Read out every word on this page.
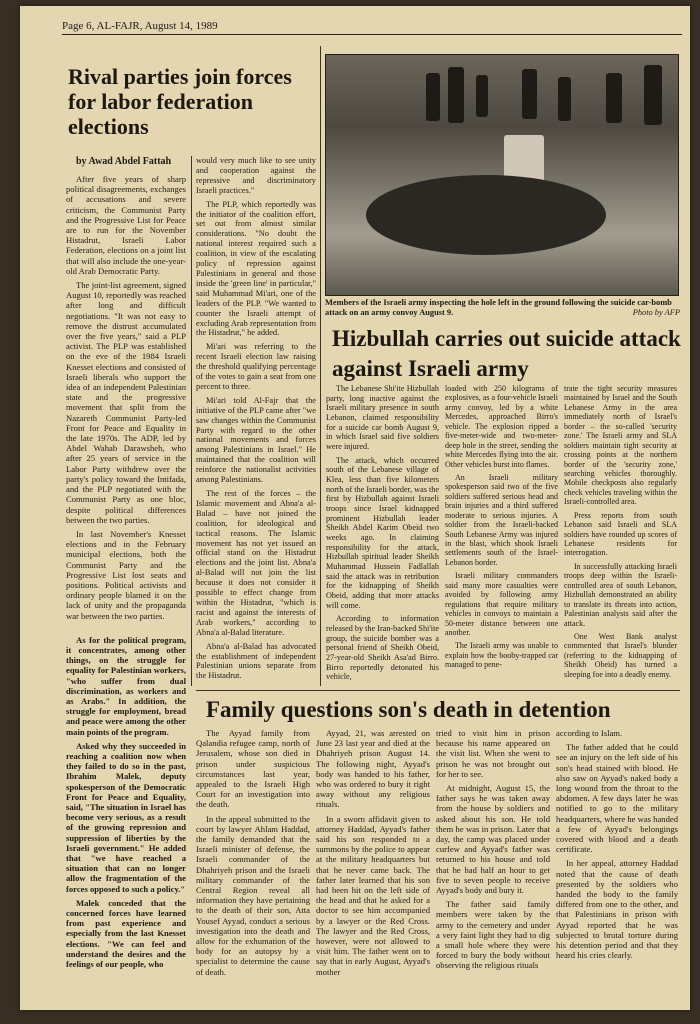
Page 6, AL-FAJR, August 14, 1989
Rival parties join forces for labor federation elections
by Awad Abdel Fattah

After five years of sharp political disagreements, exchanges of accusations and severe criticism, the Communist Party and the Progressive List for Peace are to run for the November Histadrut, Israeli Labor Federation, elections on a joint list that will also include the one-year-old Arab Democratic Party.

The joint-list agreement, signed August 10, reportedly was reached after long and difficult negotiations. "It was not easy to remove the distrust accumulated over the five years," said a PLP activist. The PLP was established on the eve of the 1984 Israeli Knesset elections and consisted of Israeli liberals who support the idea of an independent Palestinian state and the progressive movement that split from the Nazareth Communist Party-led Front for Peace and Equality in the late 1970s. The ADP, led by Abdel Wahab Darawsheh, who after 25 years of service in the Labor Party withdrew over the party's policy toward the Intifada, and the PLP negotiated with the Communist Party as one bloc, despite political differences between the two parties.

In last November's Knesset elections and in the February municipal elections, both the Communist Party and the Progressive List lost seats and positions. Political activists and ordinary people blamed it on the lack of unity and the propaganda war between the two parties.

As for the political program, it concentrates, among other things, on the struggle for equality for Palestinian workers, "who suffer from dual discrimination, as workers and as Arabs." In addition, the struggle for employment, bread and peace were among the other main points of the program.

Asked why they succeeded in reaching a coalition now when they failed to do so in the past, Ibrahim Malek, deputy spokesperson of the Democratic Front for Peace and Equality, said, "The situation in Israel has become very serious, as a result of the growing repression and suppression of liberties by the Israeli government." He added that "we have reached a situation that can no longer allow the fragmentation of the forces opposed to such a policy."

Malek conceded that the concerned forces have learned from past experience and especially from the last Knesset elections. "We can feel and understand the desires and the feelings of our people, who

would very much like to see unity and cooperation against the repressive and discriminatory Israeli practices."

The PLP, which reportedly was the initiator of the coalition effort, set out from almost similar considerations. "No doubt the national interest required such a coalition, in view of the escalating policy of repression against Palestinians in general and those inside the 'green line' in particular," said Muhammad Mi'ari, one of the leaders of the PLP. "We wanted to counter the Israeli attempt of excluding Arab representation from the Histadrut," he added.

Mi'ari was referring to the recent Israeli election law raising the threshold qualifying percentage of the votes to gain a seat from one percent to three.

Mi'ari told Al-Fajr that the initiative of the PLP came after "we saw changes within the Communist Party with regard to the other national movements and forces among Palestinians in Israel." He maintained that the coalition will reinforce the nationalist activities among Palestinians.

The rest of the forces – the Islamic movement and Abna'a al-Balad – have not joined the coalition, for ideological and tactical reasons. The Islamic movement has not yet issued an official stand on the Histadrut elections and the joint list. Abna'a al-Balad will not join the list because it does not consider it possible to effect change from within the Histadrut, "which is racist and against the interests of Arab workers," according to Abna'a al-Balad literature.

Abna'a al-Balad has advocated the establishment of independent Palestinian unions separate from the Histadrut.

Members of the Israeli army inspecting the hole left in the ground following the suicide car-bomb attack on an army convoy August 9.	Photo by AFP
Hizbullah carries out suicide attack against Israeli army

The Lebanese Shi'ite Hizbullah party, long inactive against the Israeli military presence in south Lebanon, claimed responsibility for a suicide car bomb August 9, in which Israel said five soldiers were injured.

The attack, which occurred south of the Lebanese village of Klea, less than five kilometers north of the Israeli border, was the first by Hizbullah against Israeli troops since Israel kidnapped prominent Hizbullah leader Sheikh Abdel Karim Obeid two weeks ago. In claiming responsibility for the attack, Hizbullah spiritual leader Sheikh Muhammad Hussein Fadlallah said the attack was in retribution for the kidnapping of Sheikh Obeid, adding that more attacks will come.

According to information released by the Iran-backed Shi'ite group, the suicide bomber was a personal friend of Sheikh Obeid, 27-year-old Sheikh Asa'ad Birro. Birro reportedly detonated his vehicle,

loaded with 250 kilograms of explosives, as a four-vehicle Israeli army convoy, led by a white Mercedes, approached Birro's vehicle. The explosion ripped a five-meter-wide and two-meter-deep hole in the street, sending the white Mercedes flying into the air. Other vehicles burst into flames.

An Israeli military spokesperson said two of the five soldiers suffered serious head and brain injuries and a third suffered moderate to serious injuries. A soldier from the Israeli-backed South Lebanese Army was injured in the blast, which shook Israeli settlements south of the Israel-Lebanon border.

Israeli military commanders said many more casualties were avoided by following army regulations that require military vehicles in convoys to maintain a 50-meter distance between one another.

The Israeli army was unable to explain how the booby-trapped car managed to pene-

trate the tight security measures maintained by Israel and the South Lebanese Army in the area immediately north of Israel's border – the so-called 'security zone.' The Israeli army and SLA soldiers maintain tight security at crossing points at the northern border of the 'security zone,' searching vehicles thoroughly. Mobile checkposts also regularly check vehicles traveling within the Israeli-controlled area.

Press reports from south Lebanon said Israeli and SLA soldiers have rounded up scores of Lebanese residents for interrogation.

In successfully attacking Israeli troops deep within the Israeli-controlled area of south Lebanon, Hizbullah demonstrated an ability to translate its threats into action, Palestinian analysts said after the attack.

One West Bank analyst commented that Israel's blunder (referring to the kidnapping of Sheikh Obeid) has turned a sleeping foe into a deadly enemy.

Family questions son's death in detention

The Ayyad family from Qalandia refugee camp, north of Jerusalem, whose son died in prison under suspicious circumstances last year, appealed to the Israeli High Court for an investigation into the death.

In the appeal submitted to the court by lawyer Ahlam Haddad, the family demanded that the Israeli minister of defense, the Israeli commander of the Dhahriyeh prison and the Israeli military commander of the Central Region reveal all information they have pertaining to the death of their son, Atta Yousef Ayyad, conduct a serious investigation into the death and allow for the exhumation of the body for an autopsy by a specialist to determine the cause of death.

Ayyad, 21, was arrested on June 23 last year and died at the Dhahriyeh prison August 14. The following night, Ayyad's body was handed to his father, who was ordered to bury it right away without any religious rituals.

In a sworn affidavit given to attorney Haddad, Ayyad's father said his son responded to a summons by the police to appear at the military headquarters but that he never came back. The father later learned that his son had been hit on the left side of the head and that he asked for a doctor to see him accompanied by a lawyer or the Red Cross. The lawyer and the Red Cross, however, were not allowed to visit him. The father went on to say that in early August, Ayyad's mother

tried to visit him in prison because his name appeared on the visit list. When she went to prison he was not brought out for her to see.

At midnight, August 15, the father says he was taken away from the house by soldiers and asked about his son. He told them he was in prison. Later that day, the camp was placed under curfew and Ayyad's father was returned to his house and told that he had half an hour to get five to seven people to receive Ayyad's body and bury it.

The father said family members were taken by the army to the cemetery and under a very faint light they had to dig a small hole where they were forced to bury the body without observing the religious rituals

according to Islam.

The father added that he could see an injury on the left side of his son's head stained with blood. He also saw on Ayyad's naked body a long wound from the throat to the abdomen. A few days later he was notified to go to the military headquarters, where he was handed a few of Ayyad's belongings covered with blood and a death certificate.

In her appeal, attorney Haddad noted that the cause of death presented by the soldiers who handed the body to the family differed from one to the other, and that Palestinians in prison with Ayyad reported that he was subjected to brutal torture during his detention period and that they heard his cries clearly.
